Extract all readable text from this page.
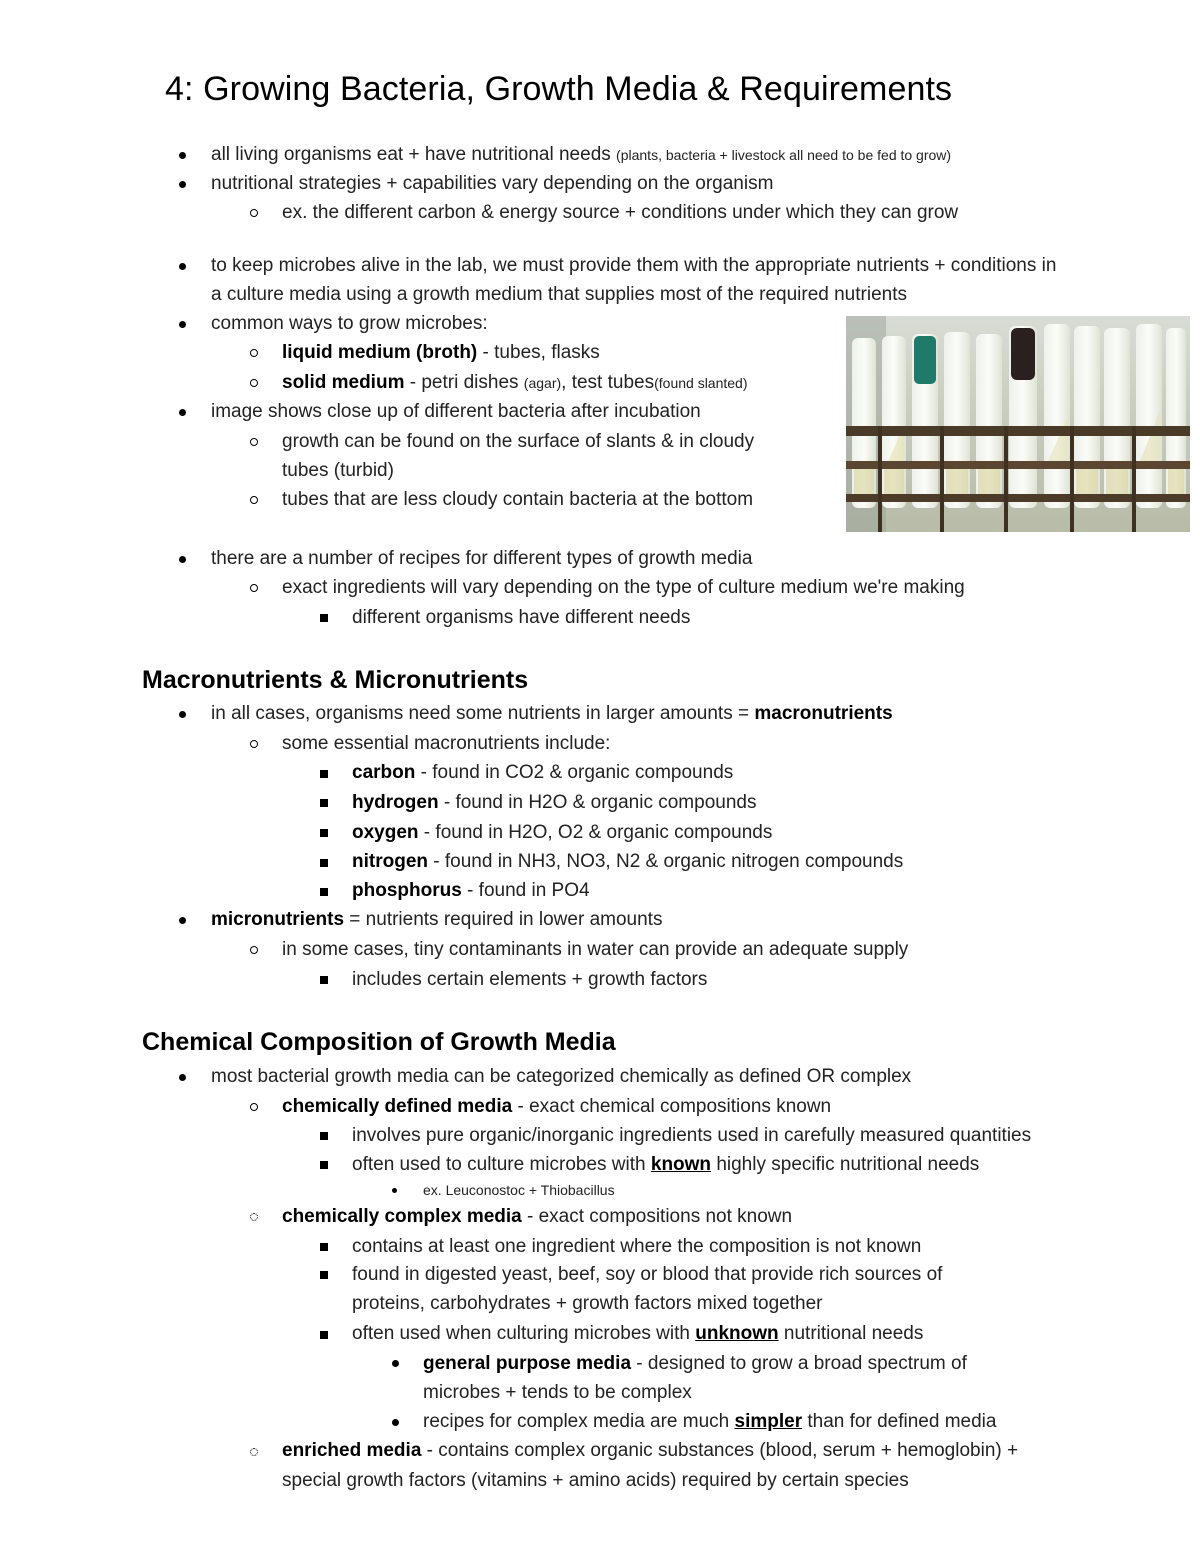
4: Growing Bacteria, Growth Media & Requirements

all living organisms eat + have nutritional needs (plants, bacteria + livestock all need to be fed to grow)

nutritional strategies + capabilities vary depending on the organism

ex. the different carbon & energy source + conditions under which they can grow

to keep microbes alive in the lab, we must provide them with the appropriate nutrients + conditions in

a culture media using a growth medium that supplies most of the required nutrients

common ways to grow microbes:

liquid medium (broth) - tubes, flasks

solid medium - petri dishes (agar), test tubes(found slanted)

image shows close up of different bacteria after incubation

growth can be found on the surface of slants & in cloudy

tubes (turbid)

tubes that are less cloudy contain bacteria at the bottom

there are a number of recipes for different types of growth media

exact ingredients will vary depending on the type of culture medium we're making

different organisms have different needs

Macronutrients & Micronutrients

in all cases, organisms need some nutrients in larger amounts = macronutrients

some essential macronutrients include:

carbon - found in CO2 & organic compounds

hydrogen - found in H2O & organic compounds

oxygen - found in H2O, O2 & organic compounds

nitrogen - found in NH3, NO3, N2 & organic nitrogen compounds

phosphorus - found in PO4

micronutrients = nutrients required in lower amounts

in some cases, tiny contaminants in water can provide an adequate supply

includes certain elements + growth factors

Chemical Composition of Growth Media

most bacterial growth media can be categorized chemically as defined OR complex

chemically defined media - exact chemical compositions known

involves pure organic/inorganic ingredients used in carefully measured quantities

often used to culture microbes with known highly specific nutritional needs

ex. Leuconostoc + Thiobacillus

chemically complex media - exact compositions not known

contains at least one ingredient where the composition is not known

found in digested yeast, beef, soy or blood that provide rich sources of

proteins, carbohydrates + growth factors mixed together

often used when culturing microbes with unknown nutritional needs

general purpose media - designed to grow a broad spectrum of

microbes + tends to be complex

recipes for complex media are much simpler than for defined media

enriched media - contains complex organic substances (blood, serum + hemoglobin) +

special growth factors (vitamins + amino acids) required by certain species
